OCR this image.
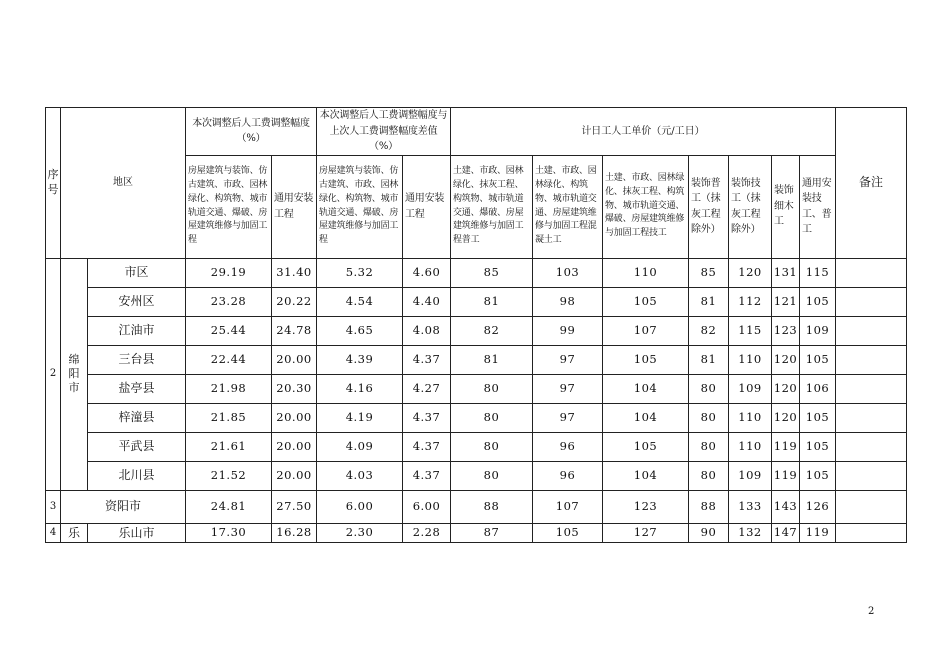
序号	地区		本次调整后人工费调整幅度（%）		本次调整后人工费调整幅度与上次人工费调整幅度差值（%）		计日工人工单价（元/工日）							备注
			房屋建筑与装饰、仿古建筑、市政、园林绿化、构筑物、城市轨道交通、爆破、房屋建筑维修与加固工程	通用安装工程	房屋建筑与装饰、仿古建筑、市政、园林绿化、构筑物、城市轨道交通、爆破、房屋建筑维修与加固工程	通用安装工程	土建、市政、园林绿化、抹灰工程、构筑物、城市轨道交通、爆破、房屋建筑维修与加固工程普工	土建、市政、园林绿化、构筑物、城市轨道交通、房屋建筑维修与加固工程混凝土工	土建、市政、园林绿化、抹灰工程、构筑物、城市轨道交通、爆破、房屋建筑维修与加固工程技工	装饰普工（抹灰工程除外）	装饰技工（抹灰工程除外）	装饰细木工	通用安装技工、普工	
2	绵阳市	市区	29.19	31.40	5.32	4.60	85	103	110	85	120	131	115	
		安州区	23.28	20.22	4.54	4.40	81	98	105	81	112	121	105	
		江油市	25.44	24.78	4.65	4.08	82	99	107	82	115	123	109	
		三台县	22.44	20.00	4.39	4.37	81	97	105	81	110	120	105	
		盐亭县	21.98	20.30	4.16	4.27	80	97	104	80	109	120	106	
		梓潼县	21.85	20.00	4.19	4.37	80	97	104	80	110	120	105	
		平武县	21.61	20.00	4.09	4.37	80	96	105	80	110	119	105	
		北川县	21.52	20.00	4.03	4.37	80	96	104	80	109	119	105	
3	资阳市		24.81	27.50	6.00	6.00	88	107	123	88	133	143	126	
4	乐	乐山市	17.30	16.28	2.30	2.28	87	105	127	90	132	147	119	
2
